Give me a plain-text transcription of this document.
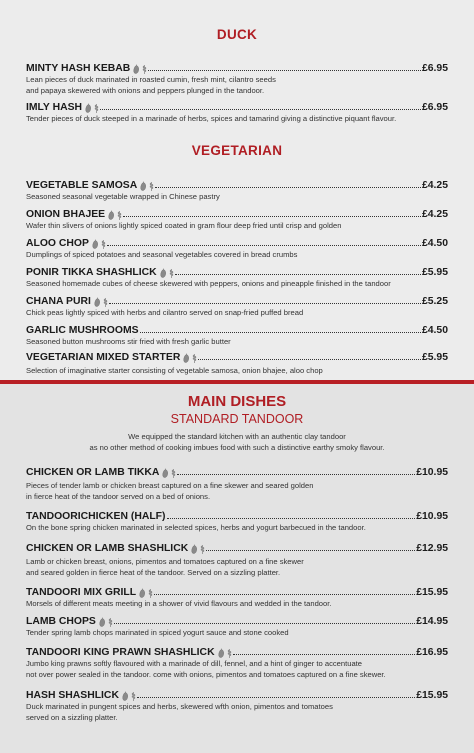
DUCK
MINTY HASH KEBAB	£6.95
Lean pieces of duck marinated in roasted cumin, fresh mint, cilantro seeds
and papaya skewered with onions and peppers plunged in the tandoor.
IMLY HASH	£6.95
Tender pieces of duck steeped in a marinade of herbs, spices and tamarind giving a distinctive piquant flavour.
VEGETARIAN
VEGETABLE SAMOSA	£4.25
Seasoned seasonal vegetable wrapped in Chinese pastry
ONION BHAJEE	£4.25
Wafer thin slivers of onions lightly spiced coated in gram flour deep fried until crisp and golden
ALOO CHOP	£4.50
Dumplings of spiced potatoes and seasonal vegetables covered in bread crumbs
PONIR TIKKA SHASHLICK	£5.95
Seasoned homemade cubes of cheese skewered with peppers, onions and pineapple finished in the tandoor
CHANA PURI	£5.25
Chick peas lightly spiced with herbs and cilantro served on snap-fried puffed bread
GARLIC MUSHROOMS	£4.50
Seasoned button mushrooms stir fried with fresh garlic butter
VEGETARIAN MIXED STARTER	£5.95
Selection of imaginative starter consisting of vegetable samosa, onion bhajee, aloo chop
MAIN DISHES
STANDARD TANDOOR
We equipped the standard kitchen with an authentic clay tandoor
as no other method of cooking imbues food with such a distinctive earthy smoky flavour.
CHICKEN OR LAMB TIKKA	£10.95
Pieces of tender lamb or chicken breast captured on a fine skewer and seared golden
in fierce heat of the tandoor served on a bed of onions.
TANDOORICHICKEN (HALF)	£10.95
On the bone spring chicken marinated in selected spices, herbs and yogurt barbecued in the tandoor.
CHICKEN OR LAMB SHASHLICK	£12.95
Lamb or chicken breast, onions, pimentos and tomatoes captured on a fine skewer
and seared golden in fierce heat of the tandoor. Served on a sizzling platter.
TANDOORI MIX GRILL	£15.95
Morsels of different meats meeting in a shower of vivid flavours and wedded in the tandoor.
LAMB CHOPS	£14.95
Tender spring lamb chops marinated in spiced yogurt sauce and stone cooked
TANDOORI KING PRAWN SHASHLICK	£16.95
Jumbo king prawns softly flavoured with a marinade of dill, fennel, and a hint of ginger to accentuate
not over power sealed in the tandoor. come with onions, pimentos and tomatoes captured on a fine skewer.
HASH SHASHLICK	£15.95
Duck marinated in pungent spices and herbs, skewered wfth onion, pimentos and tomatoes
served on a sizzling platter.
